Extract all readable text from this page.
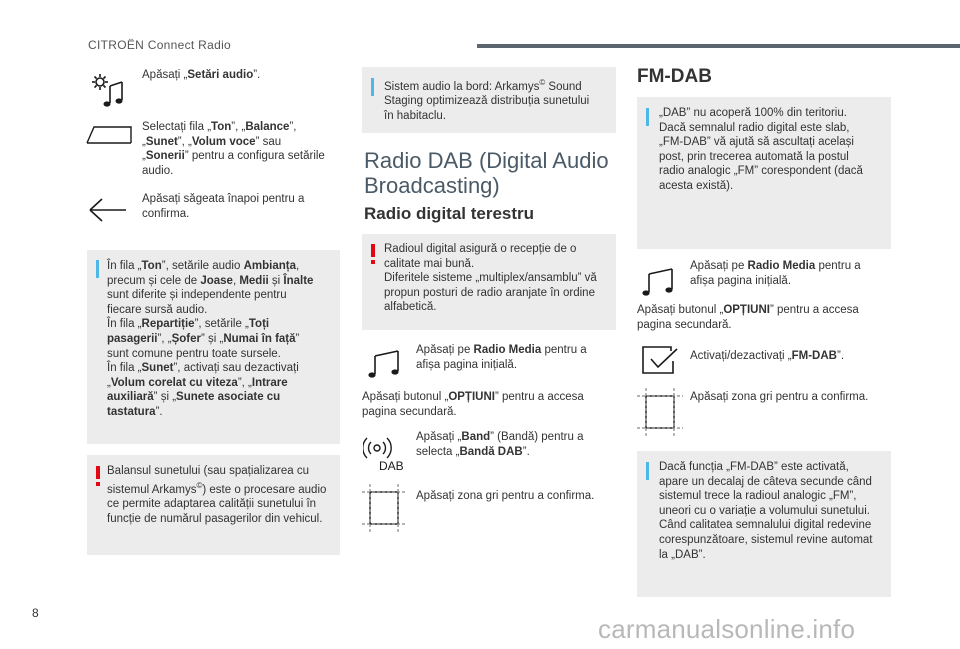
CITROËN Connect Radio
Apăsați „Setări audio”.
Selectați fila „Ton”, „Balance”,
„Sunet”, „Volum voce” sau
„Sonerii” pentru a configura setările
audio.
Apăsați săgeata înapoi pentru a
confirma.
În fila „Ton”, setările audio Ambianța,
precum și cele de Joase, Medii și Înalte
sunt diferite și independente pentru
fiecare sursă audio.
În fila „Repartiție”, setările „Toți
pasagerii”, „Șofer” și „Numai în față”
sunt comune pentru toate sursele.
În fila „Sunet”, activați sau dezactivați
„Volum corelat cu viteza”, „Intrare
auxiliară” și „Sunete asociate cu
tastatura”.
Balansul sunetului (sau spațializarea cu
sistemul Arkamys©) este o procesare audio
ce permite adaptarea calității sunetului în
funcție de numărul pasagerilor din vehicul.
Sistem audio la bord: Arkamys© Sound
Staging optimizează distribuția sunetului
în habitaclu.
Radio DAB (Digital Audio Broadcasting)
Radio digital terestru
Radioul digital asigură o recepție de o
calitate mai bună.
Diferitele sisteme „multiplex/ansamblu” vă
propun posturi de radio aranjate în ordine
alfabetică.
Apăsați pe Radio Media pentru a
afișa pagina inițială.
Apăsați butonul „OPȚIUNI” pentru a accesa
pagina secundară.
DAB
Apăsați „Band” (Bandă) pentru a
selecta „Bandă DAB”.
Apăsați zona gri pentru a confirma.
FM-DAB
„DAB” nu acoperă 100% din teritoriu.
Dacă semnalul radio digital este slab,
„FM-DAB” vă ajută să ascultați același
post, prin trecerea automată la postul
radio analogic „FM” corespondent (dacă
acesta există).
Apăsați pe Radio Media pentru a
afișa pagina inițială.
Apăsați butonul „OPȚIUNI” pentru a accesa
pagina secundară.
Activați/dezactivați „FM-DAB”.
Apăsați zona gri pentru a confirma.
Dacă funcția „FM-DAB” este activată,
apare un decalaj de câteva secunde când
sistemul trece la radioul analogic „FM”,
uneori cu o variație a volumului sunetului.
Când calitatea semnalului digital redevine
corespunzătoare, sistemul revine automat
la „DAB”.
8
carmanualsonline.info
